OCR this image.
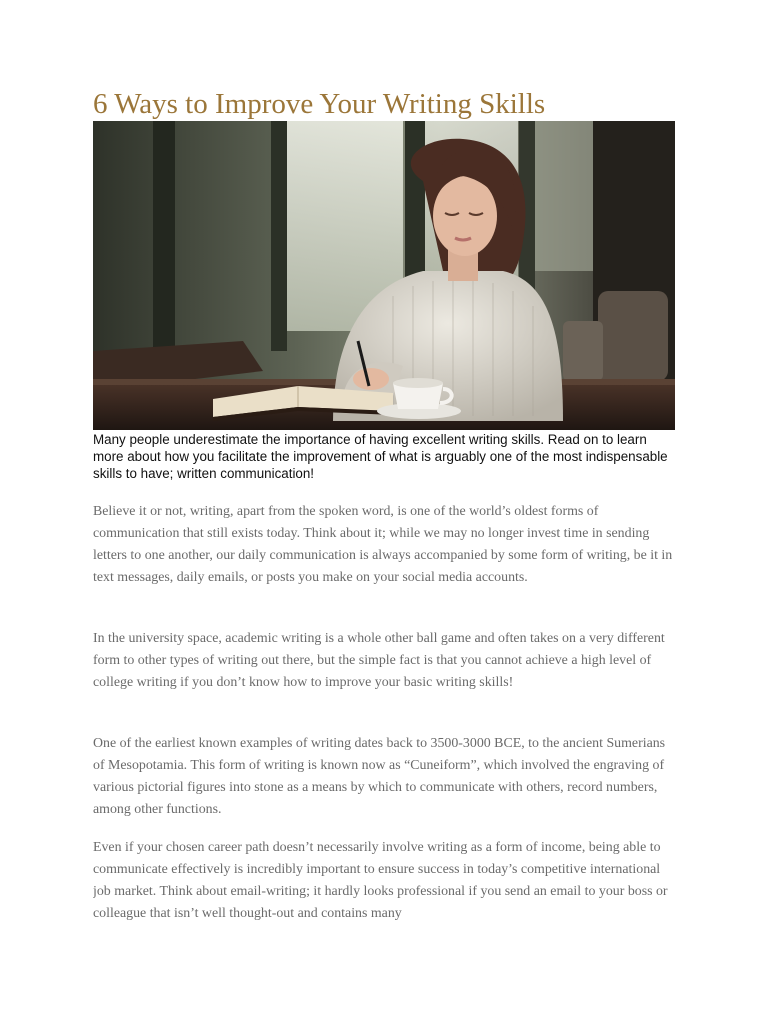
6 Ways to Improve Your Writing Skills

Many people underestimate the importance of having excellent writing skills. Read on to learn more about how you facilitate the improvement of what is arguably one of the most indispensable skills to have; written communication!

Believe it or not, writing, apart from the spoken word, is one of the world’s oldest forms of communication that still exists today. Think about it; while we may no longer invest time in sending letters to one another, our daily communication is always accompanied by some form of writing, be it in text messages, daily emails, or posts you make on your social media accounts.

In the university space, academic writing is a whole other ball game and often takes on a very different form to other types of writing out there, but the simple fact is that you cannot achieve a high level of college writing if you don’t know how to improve your basic writing skills!

One of the earliest known examples of writing dates back to 3500-3000 BCE, to the ancient Sumerians of Mesopotamia. This form of writing is known now as “Cuneiform”, which involved the engraving of various pictorial figures into stone as a means by which to communicate with others, record numbers, among other functions.

Even if your chosen career path doesn’t necessarily involve writing as a form of income, being able to communicate effectively is incredibly important to ensure success in today’s competitive international job market. Think about email-writing; it hardly looks professional if you send an email to your boss or colleague that isn’t well thought-out and contains many
